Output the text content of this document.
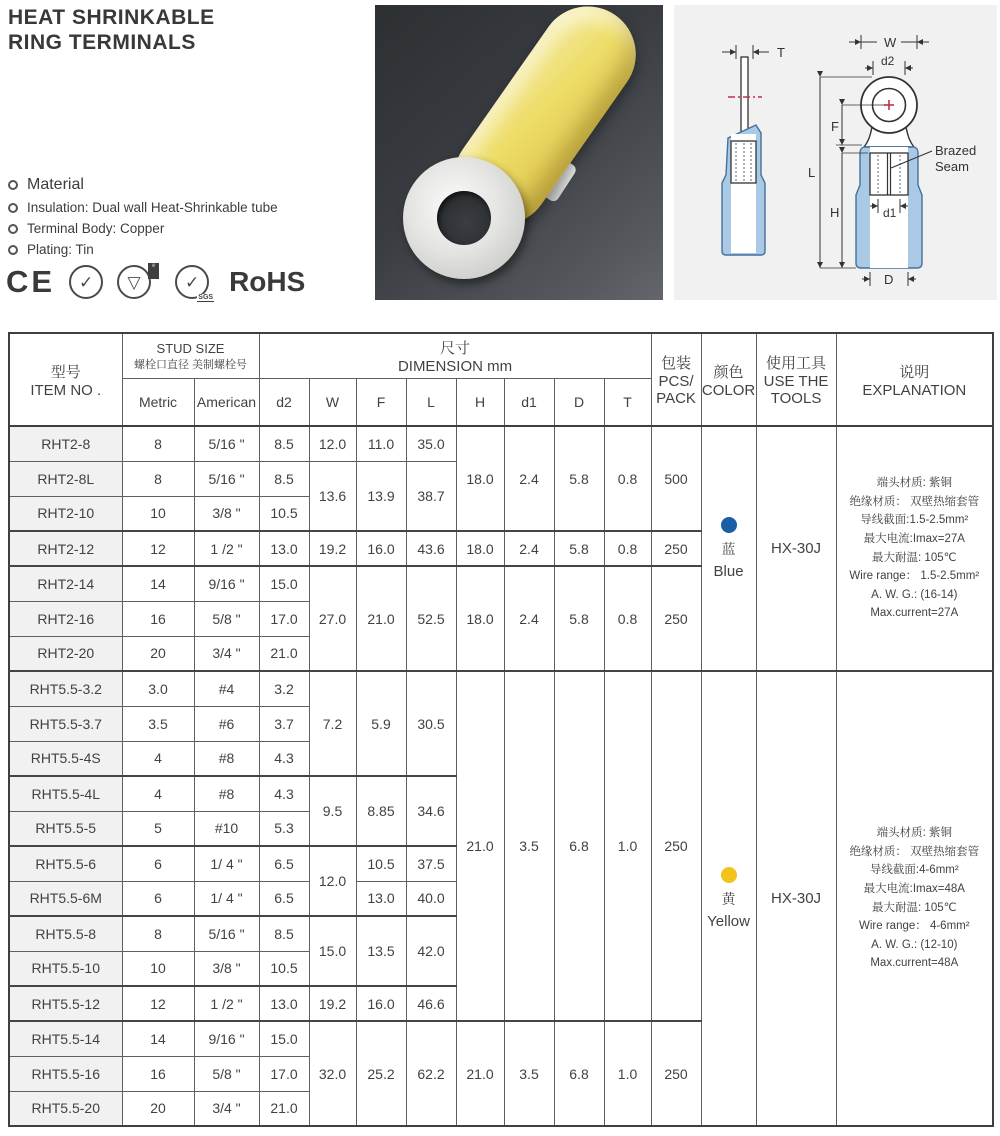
HEAT SHRINKABLE
RING TERMINALS
Material
Insulation: Dual wall Heat-Shrinkable tube
Terminal Body: Copper
Plating: Tin
CE ✓ ▽
♕
✓
SGS
RoHS
T
W
d2
Brazed
Seam
d1
F
L
H
D
型号
ITEM NO .

STUD SIZE
螺栓口直径 美制螺栓号

尺寸
DIMENSION mm	包装
PCS/
PACK

颜色
COLOR

使用工具
USE THE
TOOLS

说明
EXPLANATION

	Metric	American	d2	W	F	L	H	d1	D	T				
RHT2-8	8	5/16 "	8.5	12.0	11.0	35.0	18.0	2.4	5.8	0.8	500	
蓝
Blue
	HX-30J	
端头材质: 紫铜
绝缘材质： 双壁热缩套管
导线截面:1.5-2.5mm²
最大电流:Imax=27A
最大耐温: 105℃
Wire range： 1.5-2.5mm²
A. W. G.: (16-14)
Max.current=27A

RHT2-8L	8	5/16 "	8.5	13.6	13.9	38.7								
RHT2-10	10	3/8 "	10.5											
RHT2-12	12	1 /2 "	13.0	19.2	16.0	43.6	18.0	2.4	5.8	0.8	250			
RHT2-14	14	9/16 "	15.0	27.0	21.0	52.5	18.0	2.4	5.8	0.8	250			
RHT2-16	16	5/8 "	17.0											
RHT2-20	20	3/4 "	21.0											
RHT5.5-3.2	3.0	#4	3.2	7.2	5.9	30.5	21.0	3.5	6.8	1.0	250	
黄
Yellow
	HX-30J	
端头材质: 紫铜
绝缘材质： 双壁热缩套管
导线截面:4-6mm²
最大电流:Imax=48A
最大耐温: 105℃
Wire range： 4-6mm²
A. W. G.: (12-10)
Max.current=48A

RHT5.5-3.7	3.5	#6	3.7											
RHT5.5-4S	4	#8	4.3											
RHT5.5-4L	4	#8	4.3	9.5	8.85	34.6								
RHT5.5-5	5	#10	5.3											
RHT5.5-6	6	1/ 4 "	6.5	12.0	10.5	37.5								
RHT5.5-6M	6	1/ 4 "	6.5		13.0	40.0								
RHT5.5-8	8	5/16 "	8.5	15.0	13.5	42.0								
RHT5.5-10	10	3/8 "	10.5											
RHT5.5-12	12	1 /2 "	13.0	19.2	16.0	46.6								
RHT5.5-14	14	9/16 "	15.0	32.0	25.2	62.2	21.0	3.5	6.8	1.0	250			
RHT5.5-16	16	5/8 "	17.0											
RHT5.5-20	20	3/4 "	21.0											
